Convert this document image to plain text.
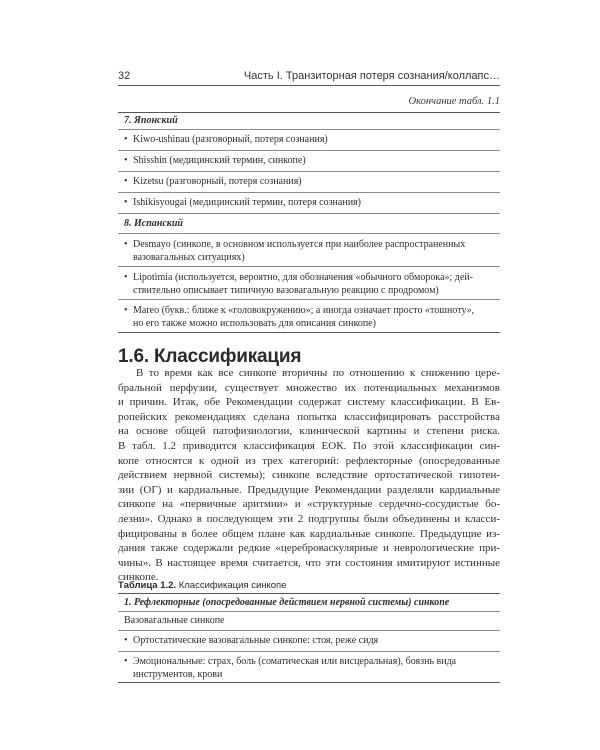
32	Часть I. Транзиторная потеря сознания/коллапс…
Окончание табл. 1.1
7. Японский
• Kiwo-ushinau (разговорный, потеря сознания)
• Shisshin (медицинский термин, синкопе)
• Kizetsu (разговорный, потеря сознания)
• Ishikisyougai (медицинский термин, потеря сознания)
8. Испанский
• Desmayo (синкопе, в основном используется при наиболее распространенных
вазовагальных ситуациях)
• Lipotimia (используется, вероятно, для обозначения «обычного обморока»; дей-
ствительно описывает типичную вазовагальную реакцию с продромом)
• Mareo (букв.: ближе к «головокружению»; а иногда означает просто «тошноту»,
но его также можно использовать для описания синкопе)
1.6. Классификация
В то время как все синкопе вторичны по отношению к снижению цере-
бральной перфузии, существует множество их потенциальных механизмов
и причин. Итак, обе Рекомендации содержат систему классификации. В Ев-
ропейских рекомендациях сделана попытка классифицировать расстройства
на основе общей патофизиологии, клинической картины и степени риска.
В табл. 1.2 приводится классификация ЕОК. По этой классификации син-
копе относятся к одной из трех категорий: рефлекторные (опосредованные
действием нервной системы); синкопе вследствие ортостатической гипотен-
зии (ОГ) и кардиальные. Предыдущие Рекомендации разделяли кардиальные
синкопе на «первичные аритмии» и «структурные сердечно-сосудистые бо-
лезни». Однако в последующем эти 2 подгруппы были объединены и класси-
фицированы в более общем плане как кардиальные синкопе. Предыдущие из-
дания также содержали редкие «цереброваскулярные и неврологические при-
чины». В настоящее время считается, что эти состояния имитируют истинные
синкопе.
Таблица 1.2. Классификация синкопе
1. Рефлекторные (опосредованные действием нервной системы) синкопе
Вазовагальные синкопе
• Ортостатические вазовагальные синкопе: стоя, реже сидя
• Эмоциональные: страх, боль (соматическая или висцеральная), боязнь вида
инструментов, крови
